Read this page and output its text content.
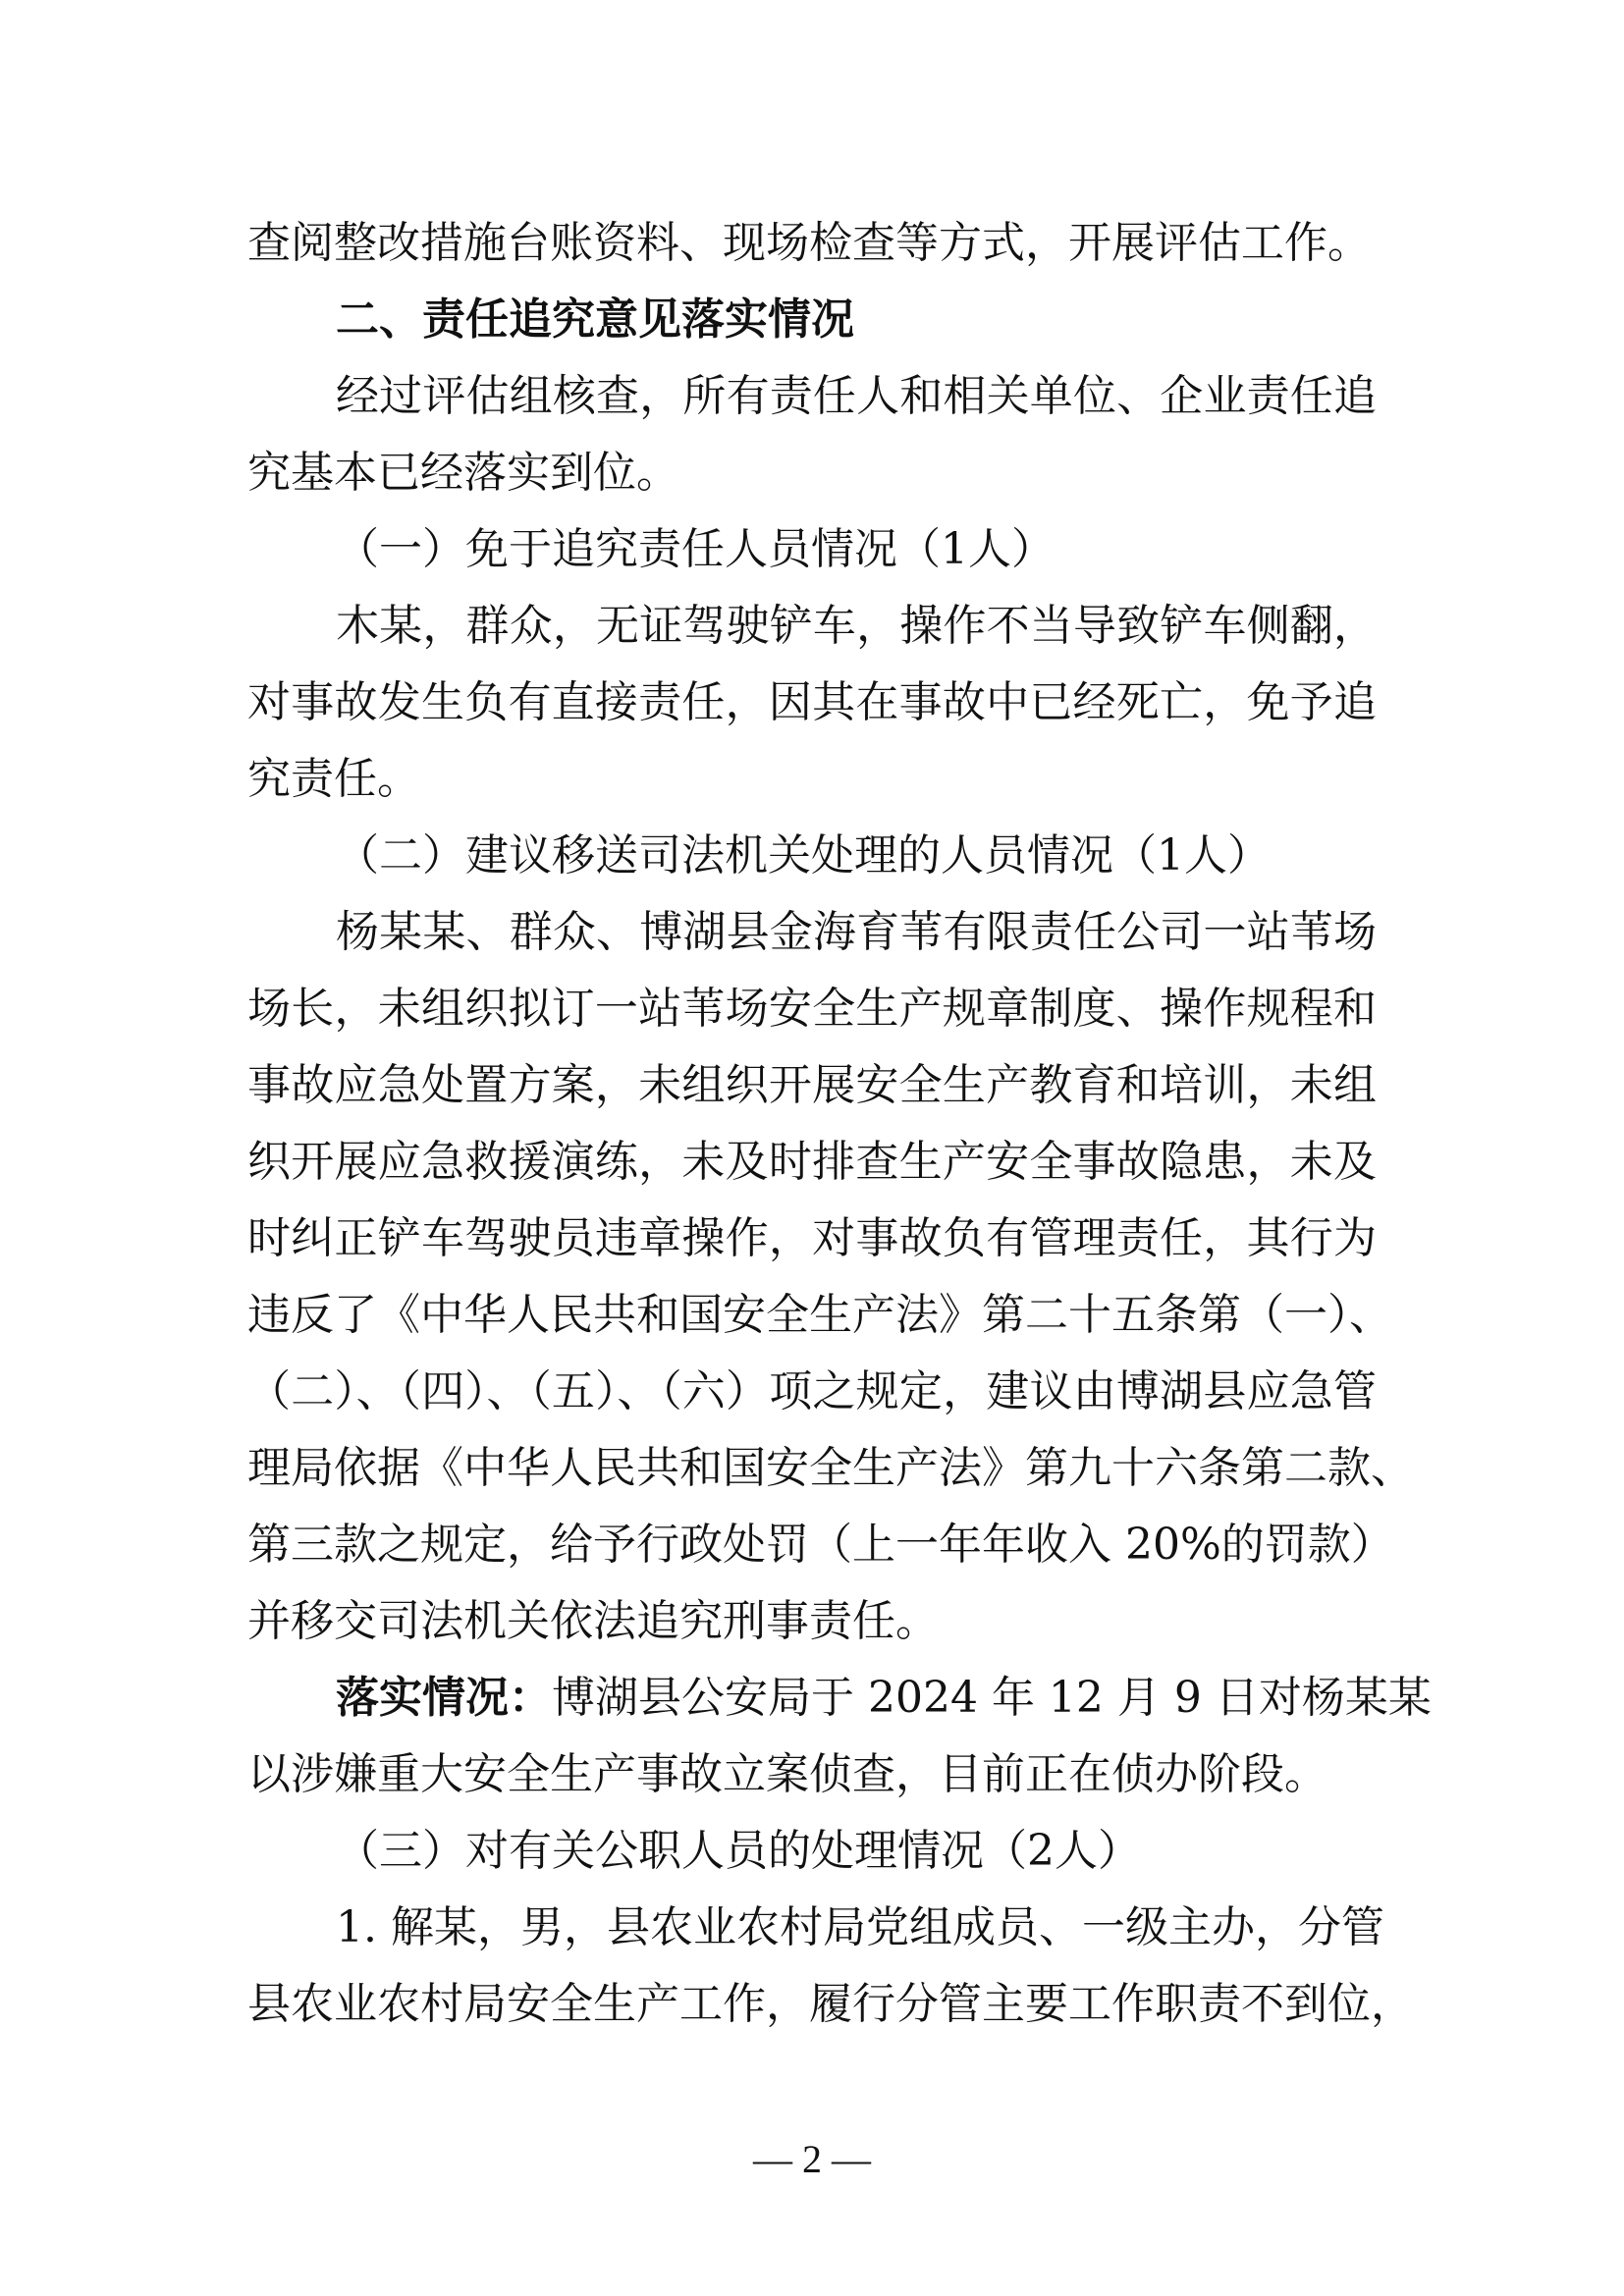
查阅整改措施台账资料、现场检查等方式，开展评估工作。
二、责任追究意见落实情况
经过评估组核查，所有责任人和相关单位、企业责任追
究基本已经落实到位。
（一）免于追究责任人员情况（1人）
木某，群众，无证驾驶铲车，操作不当导致铲车侧翻，
对事故发生负有直接责任，因其在事故中已经死亡，免予追
究责任。
（二）建议移送司法机关处理的人员情况（1人）
杨某某、群众、博湖县金海育苇有限责任公司一站苇场
场长，未组织拟订一站苇场安全生产规章制度、操作规程和
事故应急处置方案，未组织开展安全生产教育和培训，未组
织开展应急救援演练，未及时排查生产安全事故隐患，未及
时纠正铲车驾驶员违章操作，对事故负有管理责任，其行为
违反了《中华人民共和国安全生产法》第二十五条第（一）、
（二）、（四）、（五）、（六）项之规定，建议由博湖县应急管
理局依据《中华人民共和国安全生产法》第九十六条第二款、
第三款之规定，给予行政处罚（上一年年收入 20%的罚款）
并移交司法机关依法追究刑事责任。
落实情况： 博湖县公安局于 2024 年 12 月 9 日对杨某某
以涉嫌重大安全生产事故立案侦查，目前正在侦办阶段。
（三）对有关公职人员的处理情况（2人）
1. 解某，男，县农业农村局党组成员、一级主办，分管
县农业农村局安全生产工作，履行分管主要工作职责不到位，
— 2 —
